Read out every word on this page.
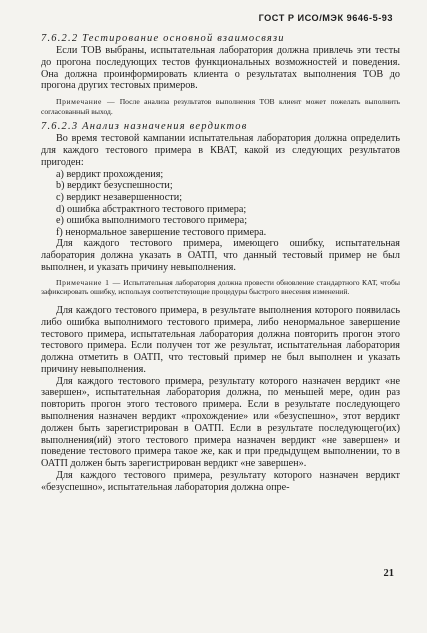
ГОСТ Р ИСО/МЭК 9646-5-93

7.6.2.2 Тестирование основной взаимосвязи

Если ТОВ выбраны, испытательная лаборатория должна привлечь эти тесты до прогона последующих тестов функциональных возможностей и поведения. Она должна проинформировать клиента о результатах выполнения ТОВ до прогона других тестовых примеров.

Примечание — После анализа результатов выполнения ТОВ клиент может пожелать выполнить согласованный выход.

7.6.2.3 Анализ назначения вердиктов

Во время тестовой кампании испытательная лаборатория должна определить для каждого тестового примера в КВАТ, какой из следующих результатов пригоден:

a) вердикт прохождения;
b) вердикт безуспешности;
c) вердикт незавершенности;
d) ошибка абстрактного тестового примера;
e) ошибка выполнимого тестового примера;
f) ненормальное завершение тестового примера.

Для каждого тестового примера, имеющего ошибку, испытательная лаборатория должна указать в ОАТП, что данный тестовый пример не был выполнен, и указать причину невыполнения.

Примечание 1 — Испытательная лаборатория должна провести обновление стандартного КАТ, чтобы зафиксировать ошибку, используя соответствующие процедуры быстрого внесения изменений.

Для каждого тестового примера, в результате выполнения которого появилась либо ошибка выполнимого тестового примера, либо ненормальное завершение тестового примера, испытательная лаборатория должна повторить прогон этого тестового примера. Если получен тот же результат, испытательная лаборатория должна отметить в ОАТП, что тестовый пример не был выполнен и указать причину невыполнения.

Для каждого тестового примера, результату которого назначен вердикт «не завершен», испытательная лаборатория должна, по меньшей мере, один раз повторить прогон этого тестового примера. Если в результате последующего выполнения назначен вердикт «прохождение» или «безуспешно», этот вердикт должен быть зарегистрирован в ОАТП. Если в результате последующего(их) выполнения(ий) этого тестового примера назначен вердикт «не завершен» и поведение тестового примера такое же, как и при предыдущем выполнении, то в ОАТП должен быть зарегистрирован вердикт «не завершен».

Для каждого тестового примера, результату которого назначен вердикт «безуспешно», испытательная лаборатория должна опре-

21
